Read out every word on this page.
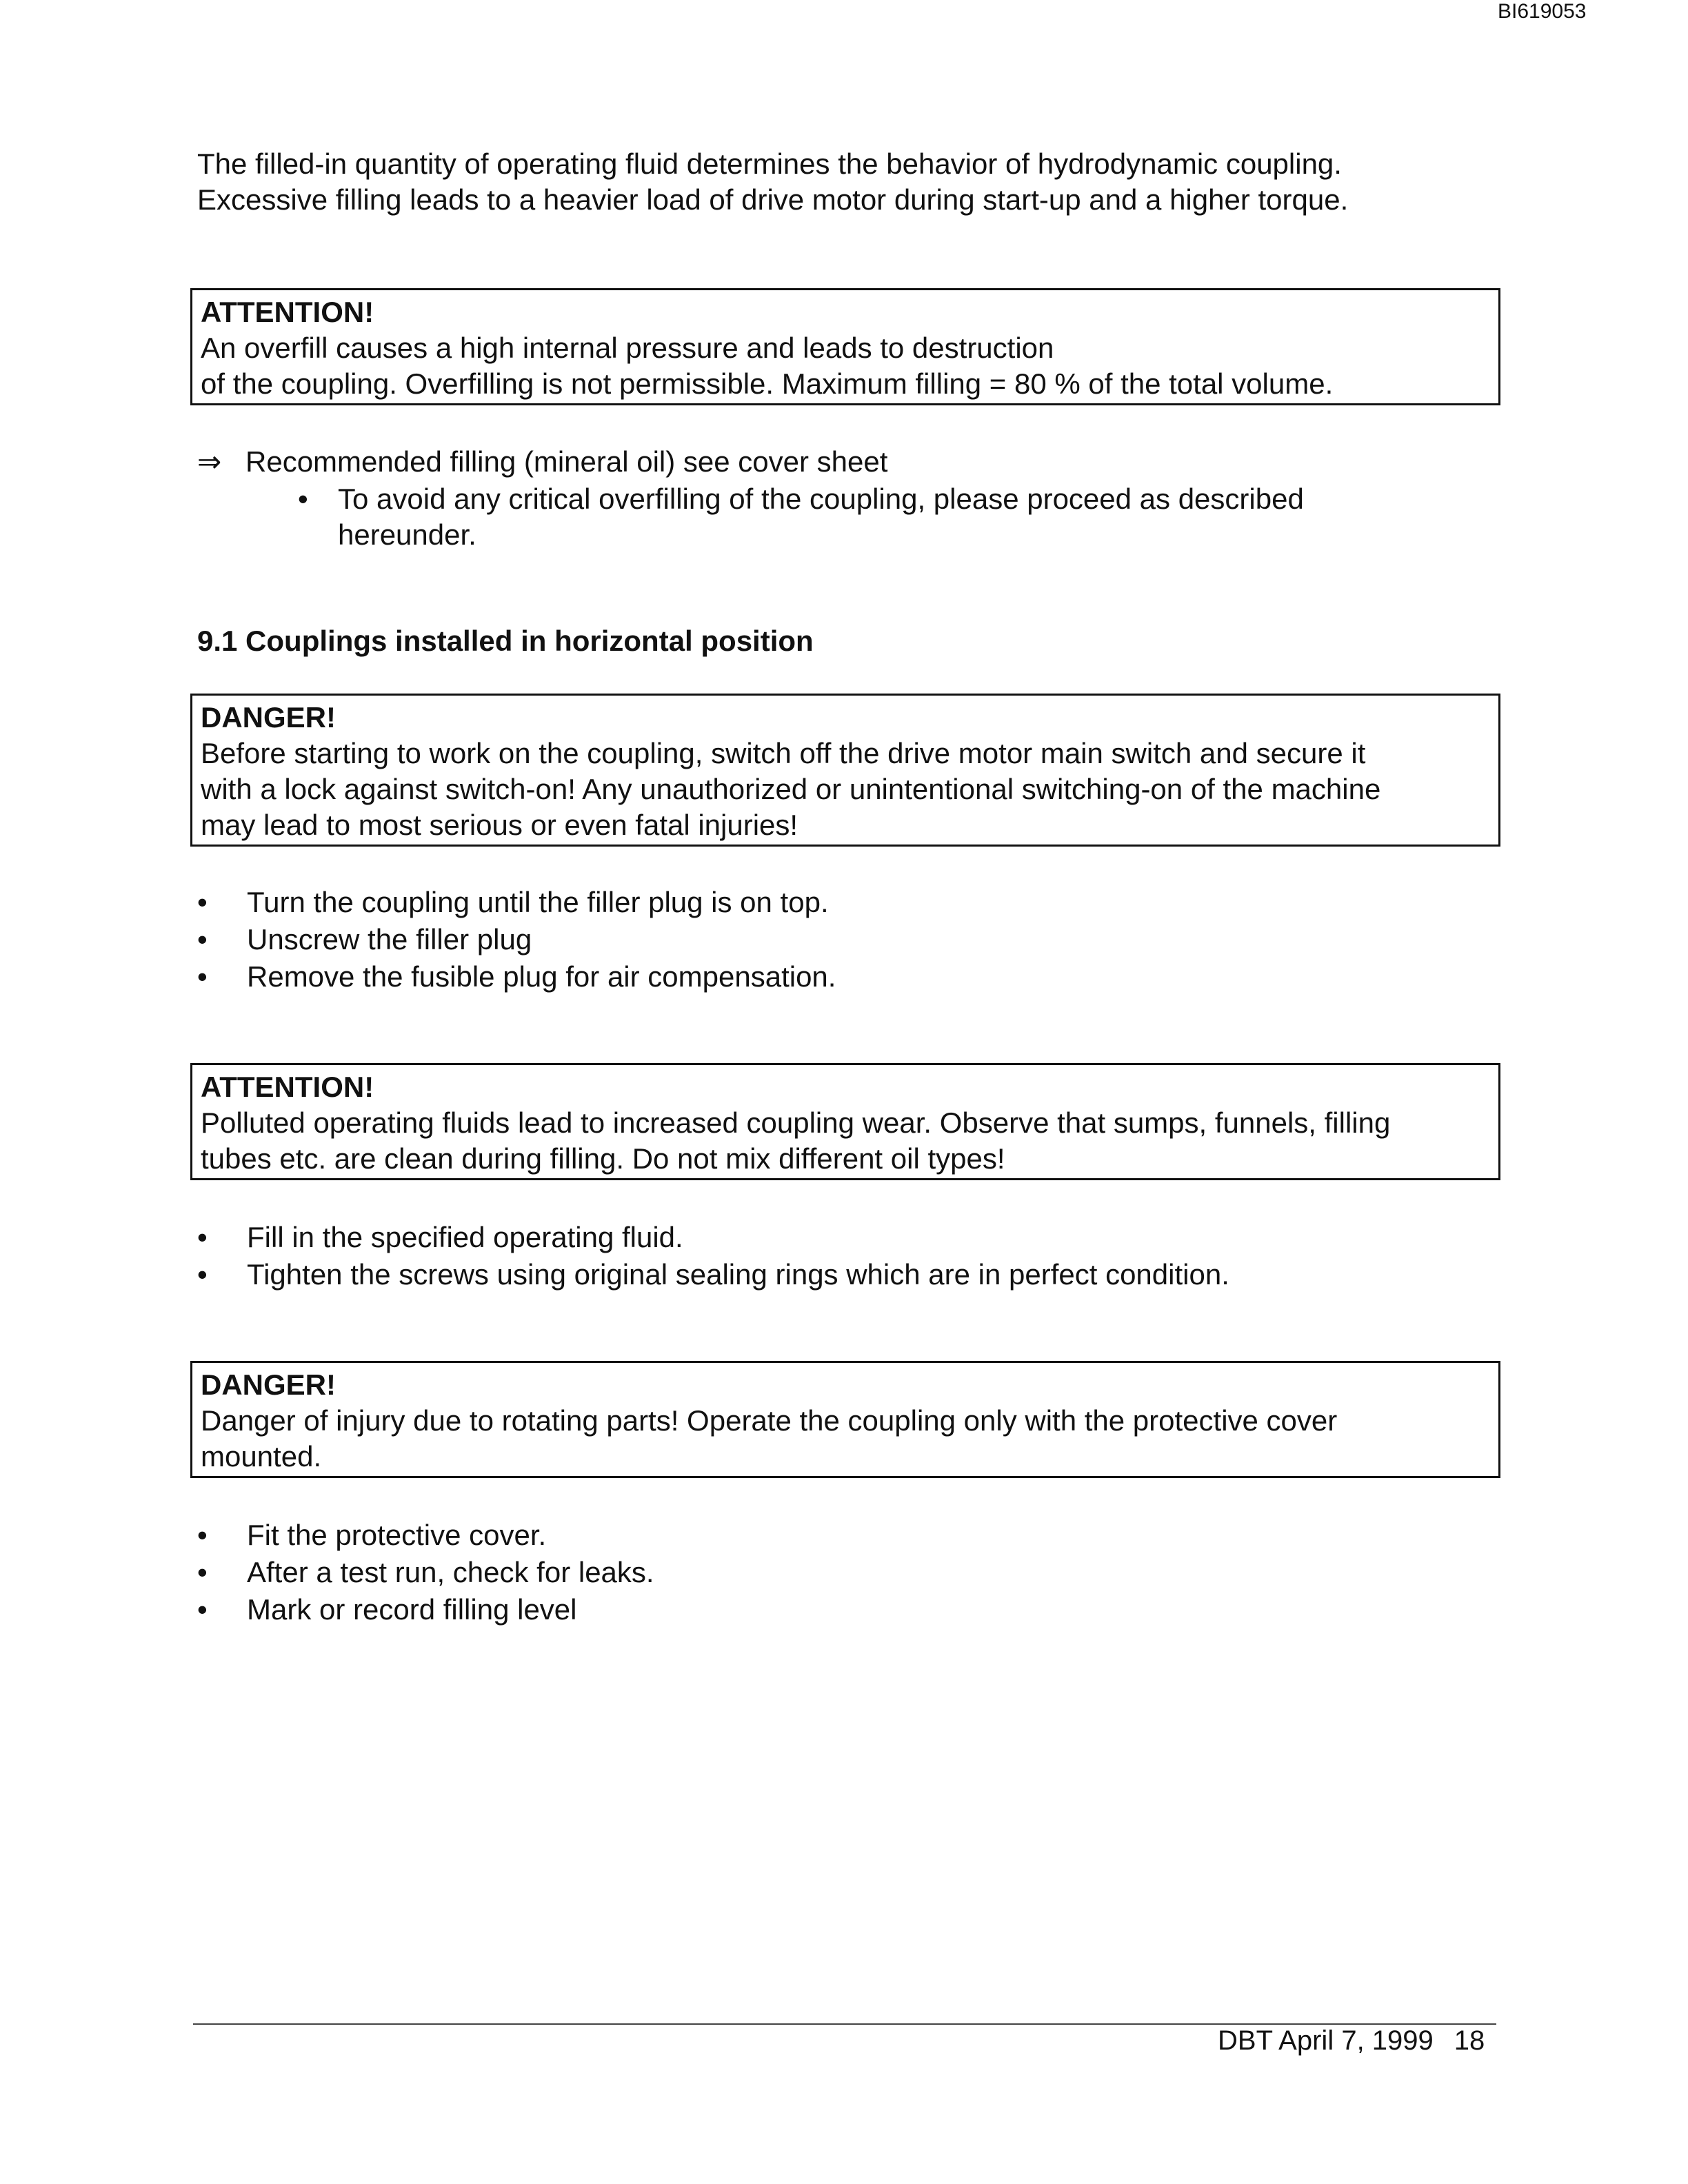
BI619053
The filled-in quantity of operating fluid determines the behavior of hydrodynamic coupling.
Excessive filling leads to a heavier load of drive motor during start-up and a higher torque.
ATTENTION!
An overfill causes a high internal pressure and leads to destruction
of the coupling. Overfilling is not permissible. Maximum filling = 80 % of the total volume.
⇒ Recommended filling (mineral oil) see cover sheet
• To avoid any critical overfilling of the coupling, please proceed as described
hereunder.
9.1 Couplings installed in horizontal position
DANGER!
Before starting to work on the coupling, switch off the drive motor main switch and secure it
with a lock against switch-on! Any unauthorized or unintentional switching-on of the machine
may lead to most serious or even fatal injuries!
• Turn the coupling until the filler plug is on top.
• Unscrew the filler plug
• Remove the fusible plug for air compensation.
ATTENTION!
Polluted operating fluids lead to increased coupling wear. Observe that sumps, funnels, filling
tubes etc. are clean during filling. Do not mix different oil types!
• Fill in the specified operating fluid.
• Tighten the screws using original sealing rings which are in perfect condition.
DANGER!
Danger of injury due to rotating parts! Operate the coupling only with the protective cover
mounted.
• Fit the protective cover.
• After a test run, check for leaks.
• Mark or record filling level
DBT April 7, 1999 18
